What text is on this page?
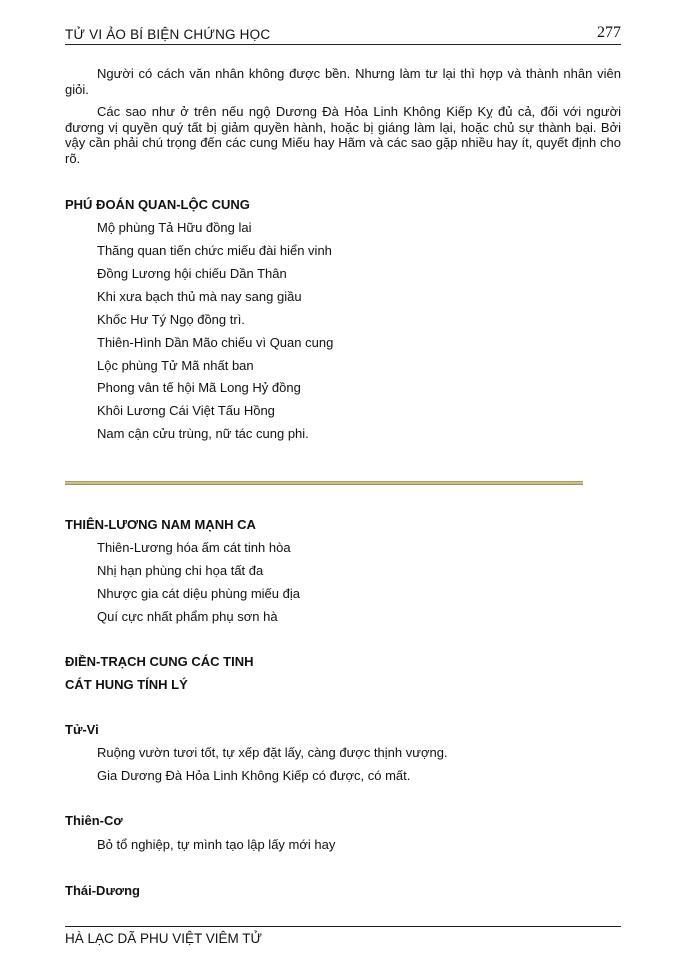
TỬ VI ẢO BÍ BIỆN CHỨNG HỌC	277

Người có cách văn nhân không được bền. Nhưng làm tư lại thì hợp và thành nhân viên giỏi.

Các sao như ở trên nếu ngộ Dương Đà Hỏa Linh Không Kiếp Kỵ đủ cả, đối với người đương vị quyền quý tất bị giảm quyền hành, hoặc bị giáng làm lại, hoặc chủ sự thành bại. Bởi vậy cần phải chú trọng đến các cung Miếu hay Hãm và các sao gặp nhiều hay ít, quyết định cho rõ.

PHÚ ĐOÁN QUAN-LỘC CUNG

Mộ phùng Tả Hữu đồng lai

Thăng quan tiến chức miếu đài hiển vinh

Đồng Lương hội chiếu Dần Thân

Khi xưa bạch thủ mà nay sang giầu

Khốc Hư Tý Ngọ đồng trì.

Thiên-Hình Dần Mão chiếu vì Quan cung

Lộc phùng Tử Mã nhất ban

Phong vân tế hội Mã Long Hỷ đồng

Khôi Lương Cái Việt Tấu Hồng

Nam cận cửu trùng, nữ tác cung phi.

THIÊN-LƯƠNG NAM MẠNH CA

Thiên-Lương hóa ấm cát tinh hòa

Nhị hạn phùng chi họa tất đa

Nhược gia cát diệu phùng miếu địa

Quí cực nhất phẩm phụ sơn hà

ĐIỀN-TRẠCH CUNG CÁC TINH

CÁT HUNG TÍNH LÝ

Tử-Vi

Ruộng vườn tươi tốt, tự xếp đặt lấy, càng được thịnh vượng.

Gia Dương Đà Hỏa Linh Không Kiếp có được, có mất.

Thiên-Cơ

Bỏ tổ nghiệp, tự mình tạo lập lấy mới hay

Thái-Dương

HÀ LẠC DÃ PHU VIỆT VIÊM TỬ
